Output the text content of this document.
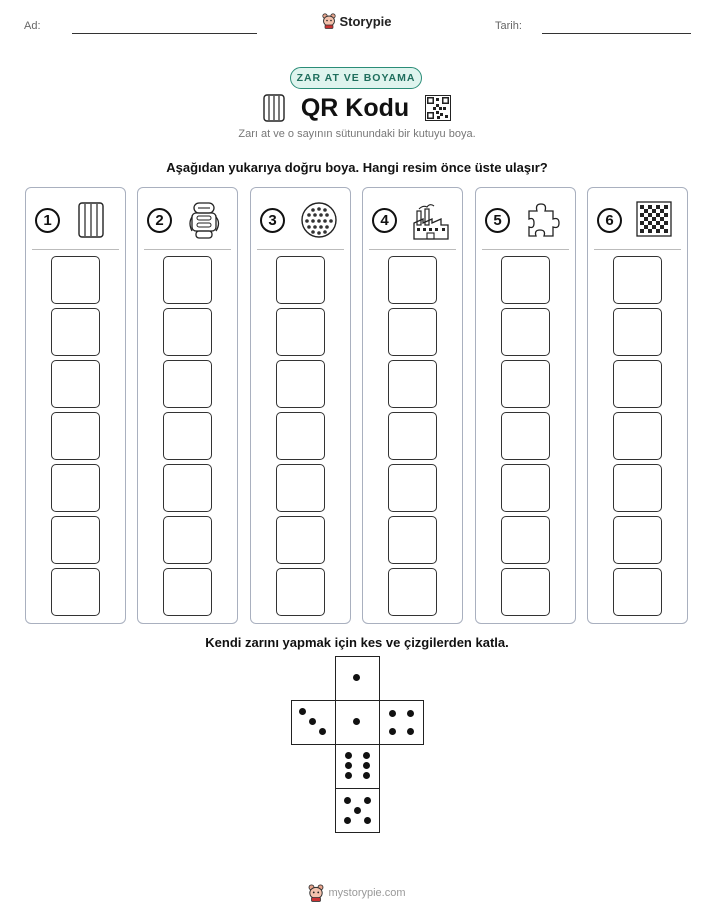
Ad:	Storypie	Tarih:
ZAR AT VE BOYAMA
QR Kodu
Zarı at ve o sayının sütunundaki bir kutuyu boya.
Aşağıdan yukarıya doğru boya. Hangi resim önce üste ulaşır?
1	2	3	4	5	6
Kendi zarını yapmak için kes ve çizgilerden katla.
mystorypie.com
